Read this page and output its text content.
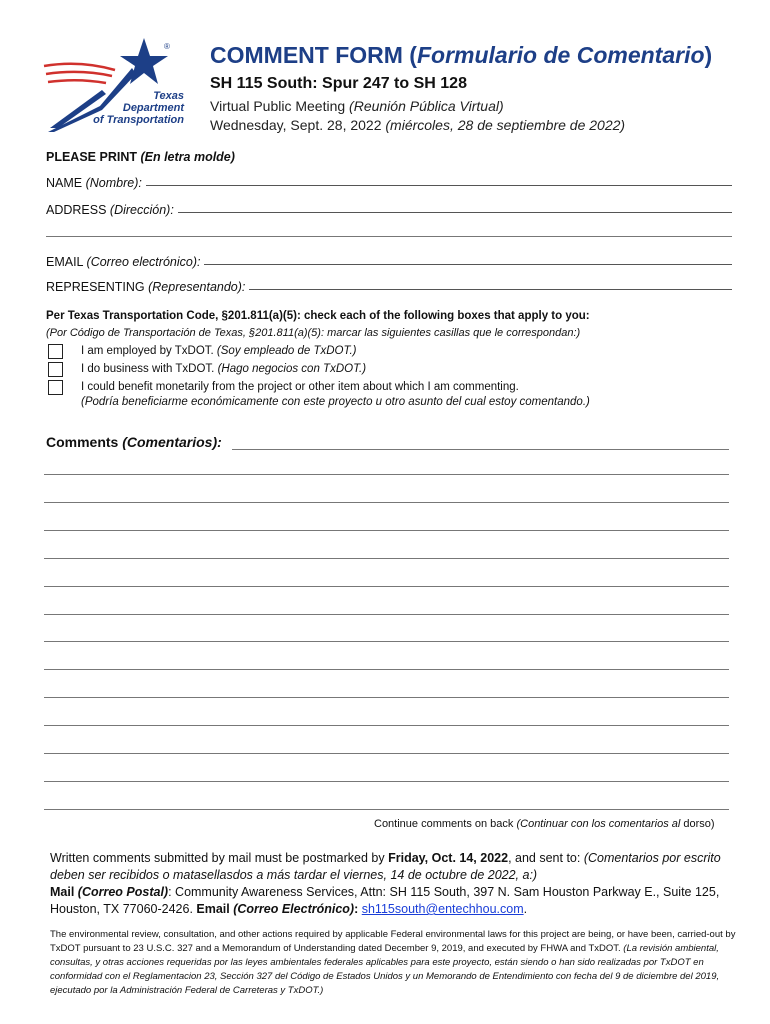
®
Texas
Department
of Transportation
COMMENT FORM (Formulario de Comentario)
SH 115 South: Spur 247 to SH 128
Virtual Public Meeting (Reunión Pública Virtual)
Wednesday, Sept. 28, 2022 (miércoles, 28 de septiembre de 2022)
PLEASE PRINT (En letra molde)
NAME (Nombre):
ADDRESS (Dirección):
EMAIL (Correo electrónico):
REPRESENTING (Representando):
Per Texas Transportation Code, §201.811(a)(5): check each of the following boxes that apply to you:
(Por Código de Transportación de Texas, §201.811(a)(5): marcar las siguientes casillas que le correspondan:)
I am employed by TxDOT. (Soy empleado de TxDOT.)
I do business with TxDOT. (Hago negocios con TxDOT.)
I could benefit monetarily from the project or other item about which I am commenting.
(Podría beneficiarme económicamente con este proyecto u otro asunto del cual estoy comentando.)
Comments (Comentarios):
Continue comments on back (Continuar con los comentarios al dorso)
Written comments submitted by mail must be postmarked by Friday, Oct. 14, 2022, and sent to: (Comentarios por escrito deben ser recibidos o matasellasdos a más tardar el viernes, 14 de octubre de 2022, a:)
Mail (Correo Postal): Community Awareness Services, Attn: SH 115 South, 397 N. Sam Houston Parkway E., Suite 125, Houston, TX 77060-2426. Email (Correo Electrónico): sh115south@entechhou.com.
The environmental review, consultation, and other actions required by applicable Federal environmental laws for this project are being, or have been, carried-out by TxDOT pursuant to 23 U.S.C. 327 and a Memorandum of Understanding dated December 9, 2019, and executed by FHWA and TxDOT. (La revisión ambiental, consultas, y otras acciones requeridas por las leyes ambientales federales aplicables para este proyecto, están siendo o han sido realizadas por TxDOT en conformidad con el Reglamentacion 23, Sección 327 del Código de Estados Unidos y un Memorando de Entendimiento con fecha del 9 de diciembre del 2019, ejecutado por la Administración Federal de Carreteras y TxDOT.)
